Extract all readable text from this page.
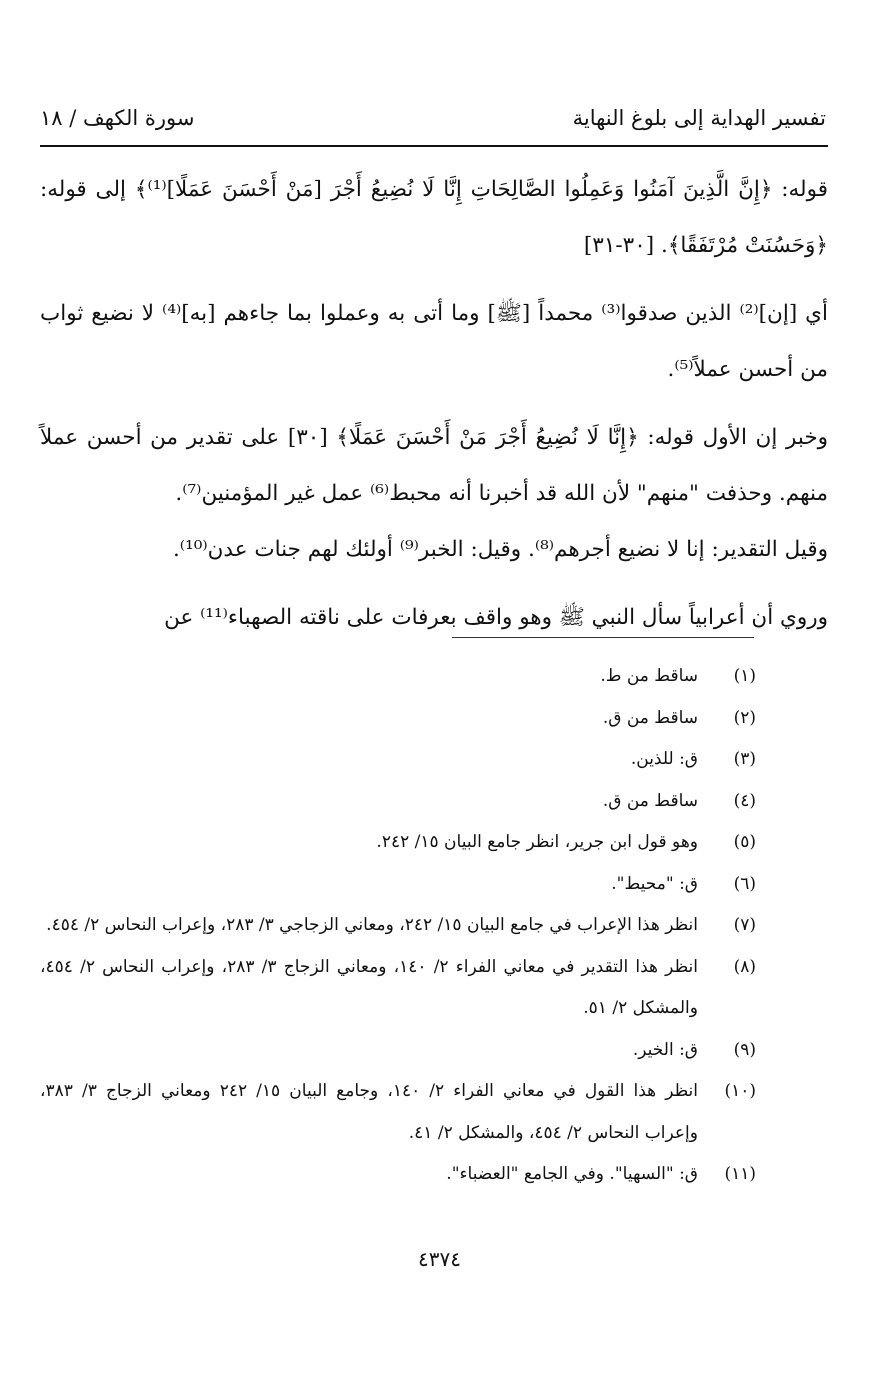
تفسير الهداية إلى بلوغ النهاية
سورة الكهف / ١٨

قوله: ﴿إِنَّ الَّذِينَ آمَنُوا وَعَمِلُوا الصَّالِحَاتِ إِنَّا لَا نُضِيعُ أَجْرَ [مَنْ أَحْسَنَ عَمَلًا]⁽¹⁾﴾ إلى قوله: ﴿وَحَسُنَتْ مُرْتَفَقًا﴾. [٣٠-٣١]

أي [إن]⁽²⁾ الذين صدقوا⁽³⁾ محمداً [ﷺ] وما أتى به وعملوا بما جاءهم [به]⁽⁴⁾ لا نضيع ثواب من أحسن عملاً⁽⁵⁾.

وخبر إن الأول قوله: ﴿إِنَّا لَا نُضِيعُ أَجْرَ مَنْ أَحْسَنَ عَمَلًا﴾ [٣٠] على تقدير من أحسن عملاً منهم. وحذفت "منهم" لأن الله قد أخبرنا أنه محبط⁽⁶⁾ عمل غير المؤمنين⁽⁷⁾.

وقيل التقدير: إنا لا نضيع أجرهم⁽⁸⁾. وقيل: الخبر⁽⁹⁾ أولئك لهم جنات عدن⁽¹⁰⁾.

وروي أن أعرابياً سأل النبي ﷺ وهو واقف بعرفات على ناقته الصهباء⁽¹¹⁾ عن

(١)
ساقط من ط.
(٢)
ساقط من ق.
(٣)
ق: للذين.
(٤)
ساقط من ق.
(٥)
وهو قول ابن جرير، انظر جامع البيان ١٥/ ٢٤٢.
(٦)
ق: "محيط".
(٧)
انظر هذا الإعراب في جامع البيان ١٥/ ٢٤٢، ومعاني الزجاجي ٣/ ٢٨٣، وإعراب النحاس ٢/ ٤٥٤.
(٨)
انظر هذا التقدير في معاني الفراء ٢/ ١٤٠، ومعاني الزجاج ٣/ ٢٨٣، وإعراب النحاس ٢/ ٤٥٤، والمشكل ٢/ ٥١.
(٩)
ق: الخير.
(١٠)
انظر هذا القول في معاني الفراء ٢/ ١٤٠، وجامع البيان ١٥/ ٢٤٢ ومعاني الزجاج ٣/ ٣٨٣، وإعراب النحاس ٢/ ٤٥٤، والمشكل ٢/ ٤١.
(١١)
ق: "السهيا". وفي الجامع "العضباء".
٤٣٧٤
